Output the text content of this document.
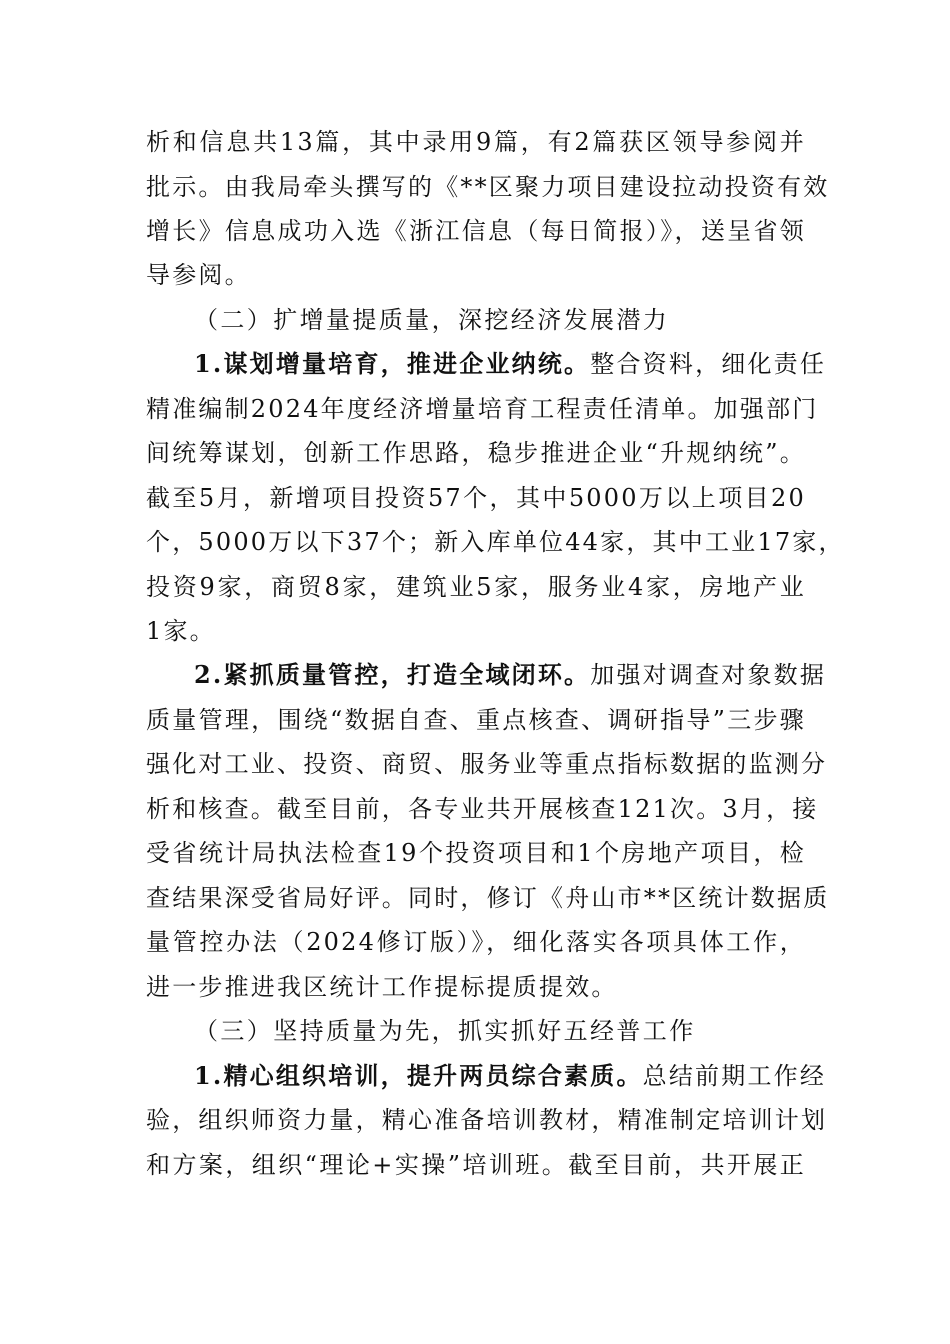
析和信息共13篇，其中录用9篇，有2篇获区领导参阅并
批示。由我局牵头撰写的《**区聚力项目建设拉动投资有效
增长》信息成功入选《浙江信息（每日简报）》，送呈省领
导参阅。
（二）扩增量提质量，深挖经济发展潜力
1.谋划增量培育，推进企业纳统。整合资料，细化责任
精准编制2024年度经济增量培育工程责任清单。加强部门
间统筹谋划，创新工作思路，稳步推进企业“升规纳统”。
截至5月，新增项目投资57个，其中5000万以上项目20
个，5000万以下37个；新入库单位44家，其中工业17家，
投资9家，商贸8家，建筑业5家，服务业4家，房地产业
1家。
2.紧抓质量管控，打造全域闭环。加强对调查对象数据
质量管理，围绕“数据自查、重点核查、调研指导”三步骤
强化对工业、投资、商贸、服务业等重点指标数据的监测分
析和核查。截至目前，各专业共开展核查121次。3月，接
受省统计局执法检查19个投资项目和1个房地产项目，检
查结果深受省局好评。同时，修订《舟山市**区统计数据质
量管控办法（2024修订版）》，细化落实各项具体工作，
进一步推进我区统计工作提标提质提效。
（三）坚持质量为先，抓实抓好五经普工作
1.精心组织培训，提升两员综合素质。总结前期工作经
验，组织师资力量，精心准备培训教材，精准制定培训计划
和方案，组织“理论+实操”培训班。截至目前，共开展正
